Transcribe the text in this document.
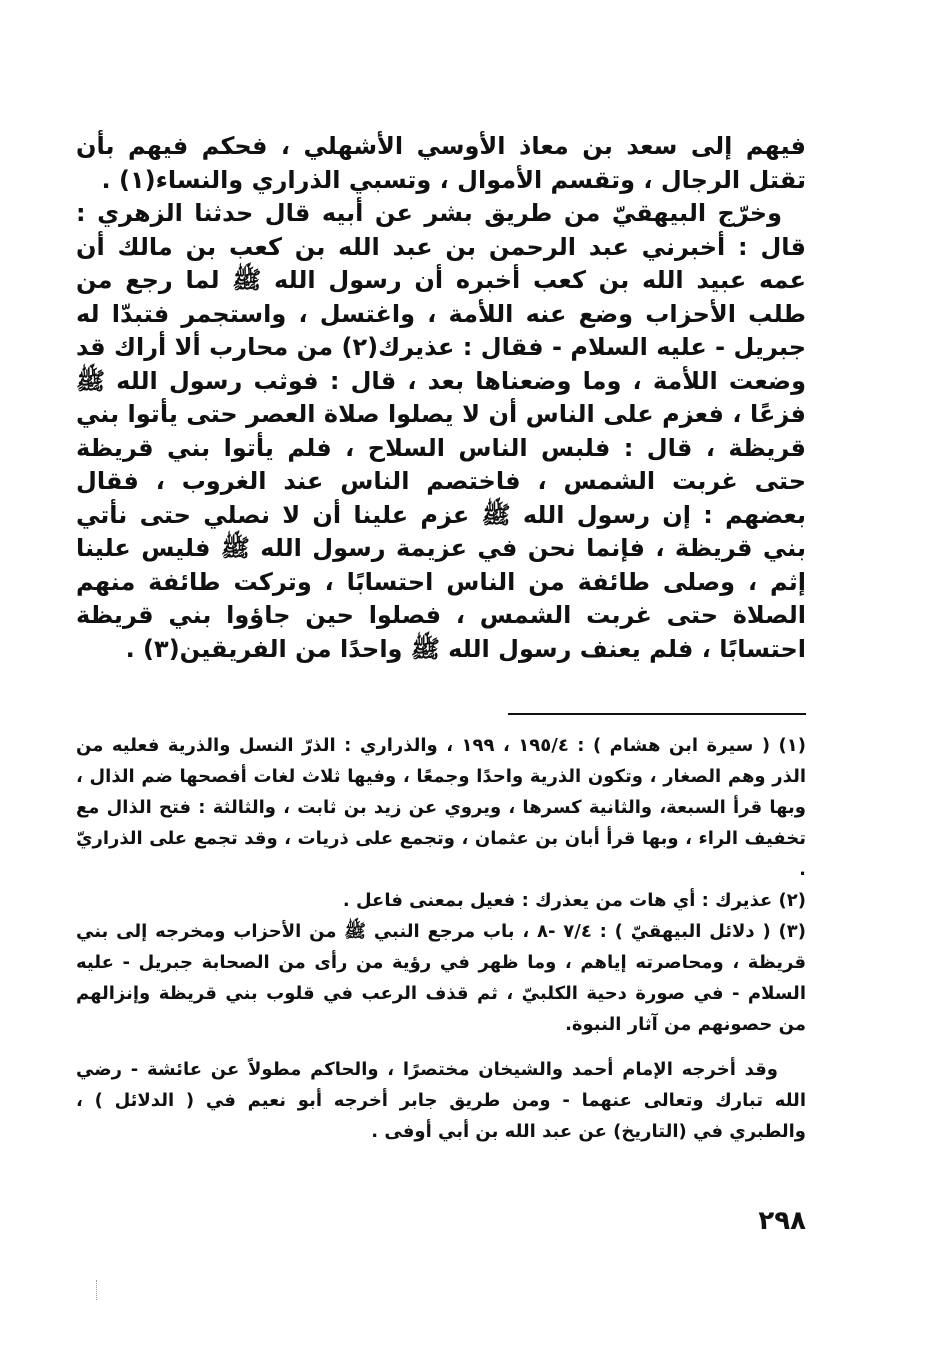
فيهم إلى سعد بن معاذ الأوسي الأشهلي ، فحكم فيهم بأن تقتل الرجال ، وتقسم الأموال ، وتسبي الذراري والنساء(١) .

وخرّج البيهقيّ من طريق بشر عن أبيه قال حدثنا الزهري : قال : أخبرني عبد الرحمن بن عبد الله بن كعب بن مالك أن عمه عبيد الله بن كعب أخبره أن رسول الله ﷺ لما رجع من طلب الأحزاب وضع عنه اللأمة ، واغتسل ، واستجمر فتبدّا له جبريل - عليه السلام - فقال : عذيرك(٢) من محارب ألا أراك قد وضعت اللأمة ، وما وضعناها بعد ، قال : فوثب رسول الله ﷺ فزعًا ، فعزم على الناس أن لا يصلوا صلاة العصر حتى يأتوا بني قريظة ، قال : فلبس الناس السلاح ، فلم يأتوا بني قريظة حتى غربت الشمس ، فاختصم الناس عند الغروب ، فقال بعضهم : إن رسول الله ﷺ عزم علينا أن لا نصلي حتى نأتي بني قريظة ، فإنما نحن في عزيمة رسول الله ﷺ فليس علينا إثم ، وصلى طائفة من الناس احتسابًا ، وتركت طائفة منهم الصلاة حتى غربت الشمس ، فصلوا حين جاؤوا بني قريظة احتسابًا ، فلم يعنف رسول الله ﷺ واحدًا من الفريقين(٣) .

(١) ( سيرة ابن هشام ) : ١٩٥/٤ ، ١٩٩ ، والذراري : الذرّ النسل والذرية فعليه من الذر وهم الصغار ، وتكون الذرية واحدًا وجمعًا ، وفيها ثلاث لغات أفصحها ضم الذال ، وبها قرأ السبعة، والثانية كسرها ، ويروي عن زيد بن ثابت ، والثالثة : فتح الذال مع تخفيف الراء ، وبها قرأ أبان بن عثمان ، وتجمع على ذريات ، وقد تجمع على الذراريّ .

(٢) عذيرك : أي هات من يعذرك : فعيل بمعنى فاعل .

(٣) ( دلائل البيهقيّ ) : ٧/٤ -٨ ، باب مرجع النبي ﷺ من الأحزاب ومخرجه إلى بني قريظة ، ومحاصرته إياهم ، وما ظهر في رؤية من رأى من الصحابة جبريل - عليه السلام - في صورة دحية الكلبيّ ، ثم قذف الرعب في قلوب بني قريظة وإنزالهم من حصونهم من آثار النبوة.

وقد أخرجه الإمام أحمد والشيخان مختصرًا ، والحاكم مطولاً عن عائشة - رضي الله تبارك وتعالى عنهما - ومن طريق جابر أخرجه أبو نعيم في ( الدلائل ) ، والطبري في (التاريخ) عن عبد الله بن أبي أوفى .

٢٩٨
